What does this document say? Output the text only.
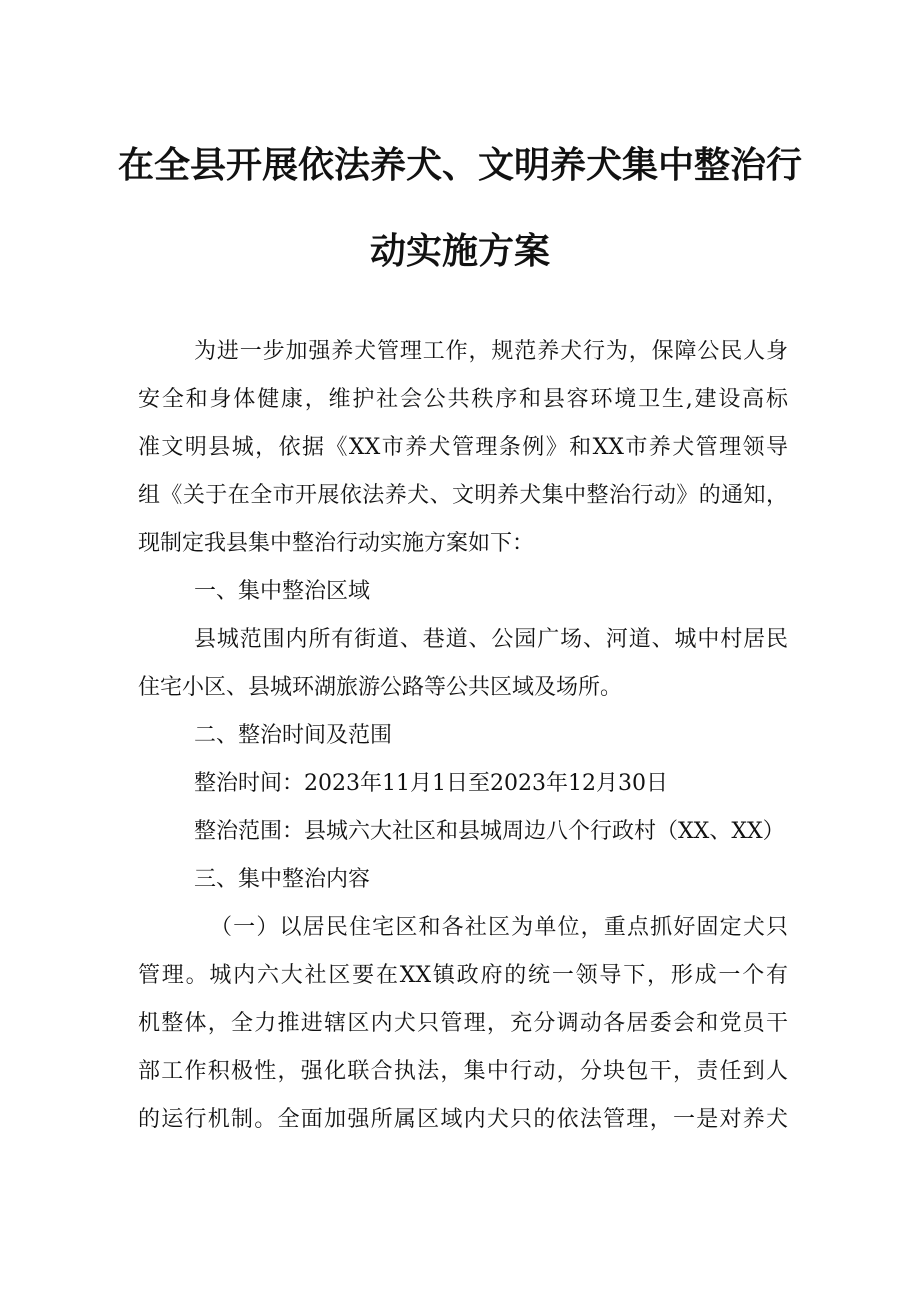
在全县开展依法养犬、文明养犬集中整治行
动实施方案
为进一步加强养犬管理工作，规范养犬行为，保障公民人身
安全和身体健康，维护社会公共秩序和县容环境卫生,建设高标
准文明县城，依据《XX市养犬管理条例》和XX市养犬管理领导
组《关于在全市开展依法养犬、文明养犬集中整治行动》的通知，
现制定我县集中整治行动实施方案如下：
一、集中整治区域
县城范围内所有街道、巷道、公园广场、河道、城中村居民
住宅小区、县城环湖旅游公路等公共区域及场所。
二、整治时间及范围
整治时间：2023年11月1日至2023年12月30日
整治范围：县城六大社区和县城周边八个行政村（XX、XX）
三、集中整治内容
（一）以居民住宅区和各社区为单位，重点抓好固定犬只
管理。城内六大社区要在XX镇政府的统一领导下，形成一个有
机整体，全力推进辖区内犬只管理，充分调动各居委会和党员干
部工作积极性，强化联合执法，集中行动，分块包干，责任到人
的运行机制。全面加强所属区域内犬只的依法管理，一是对养犬
